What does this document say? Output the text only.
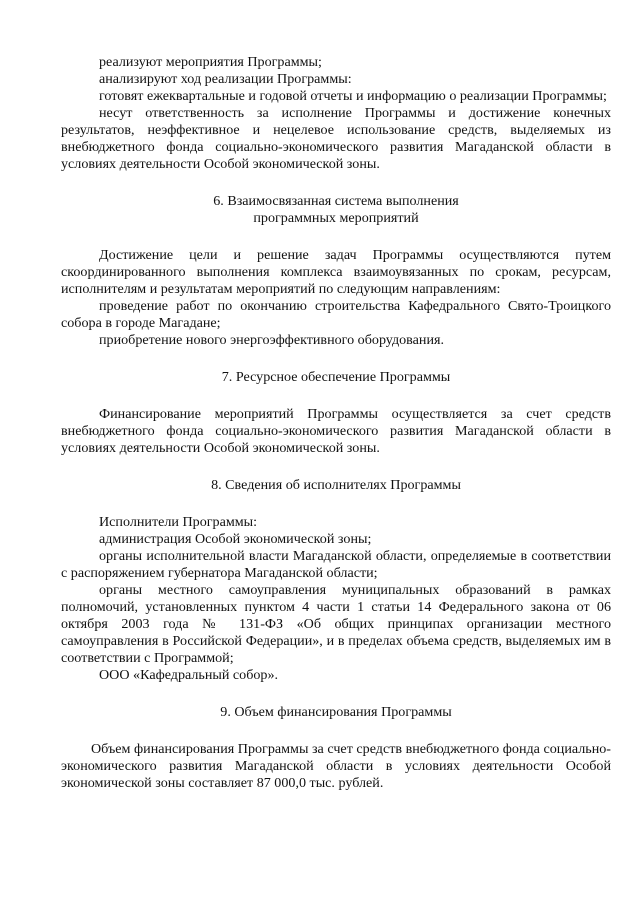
реализуют мероприятия Программы;

анализируют ход реализации Программы:

готовят ежеквартальные и годовой отчеты и информацию о реализации Программы;

несут ответственность за исполнение Программы и достижение конечных результатов, неэффективное и нецелевое использование средств, выделяемых из внебюджетного фонда социально-экономического развития Магаданской области в условиях деятельности Особой экономической зоны.

6. Взаимосвязанная система выполнения
программных мероприятий

Достижение цели и решение задач Программы осуществляются путем скоординированного выполнения комплекса взаимоувязанных по срокам, ресурсам, исполнителям и результатам мероприятий по следующим направлениям:

проведение работ по окончанию строительства Кафедрального Свято-Троицкого собора в городе Магадане;

приобретение нового энергоэффективного оборудования.

7. Ресурсное обеспечение Программы

Финансирование мероприятий Программы осуществляется за счет средств внебюджетного фонда социально-экономического развития Магаданской области в условиях деятельности Особой экономической зоны.

8. Сведения об исполнителях Программы

Исполнители Программы:

администрация Особой экономической зоны;

органы исполнительной власти Магаданской области, определяемые в соответствии с распоряжением губернатора Магаданской области;

органы местного самоуправления муниципальных образований в рамках полномочий, установленных пунктом 4 части 1 статьи 14 Федерального закона от 06 октября 2003 года № 131-ФЗ «Об общих принципах организации местного самоуправления в Российской Федерации», и в пределах объема средств, выделяемых им в соответствии с Программой;

ООО «Кафедральный собор».

9. Объем финансирования Программы

Объем финансирования Программы за счет средств внебюджетного фонда социально-экономического развития Магаданской области в условиях деятельности Особой экономической зоны составляет 87 000,0 тыс. рублей.
